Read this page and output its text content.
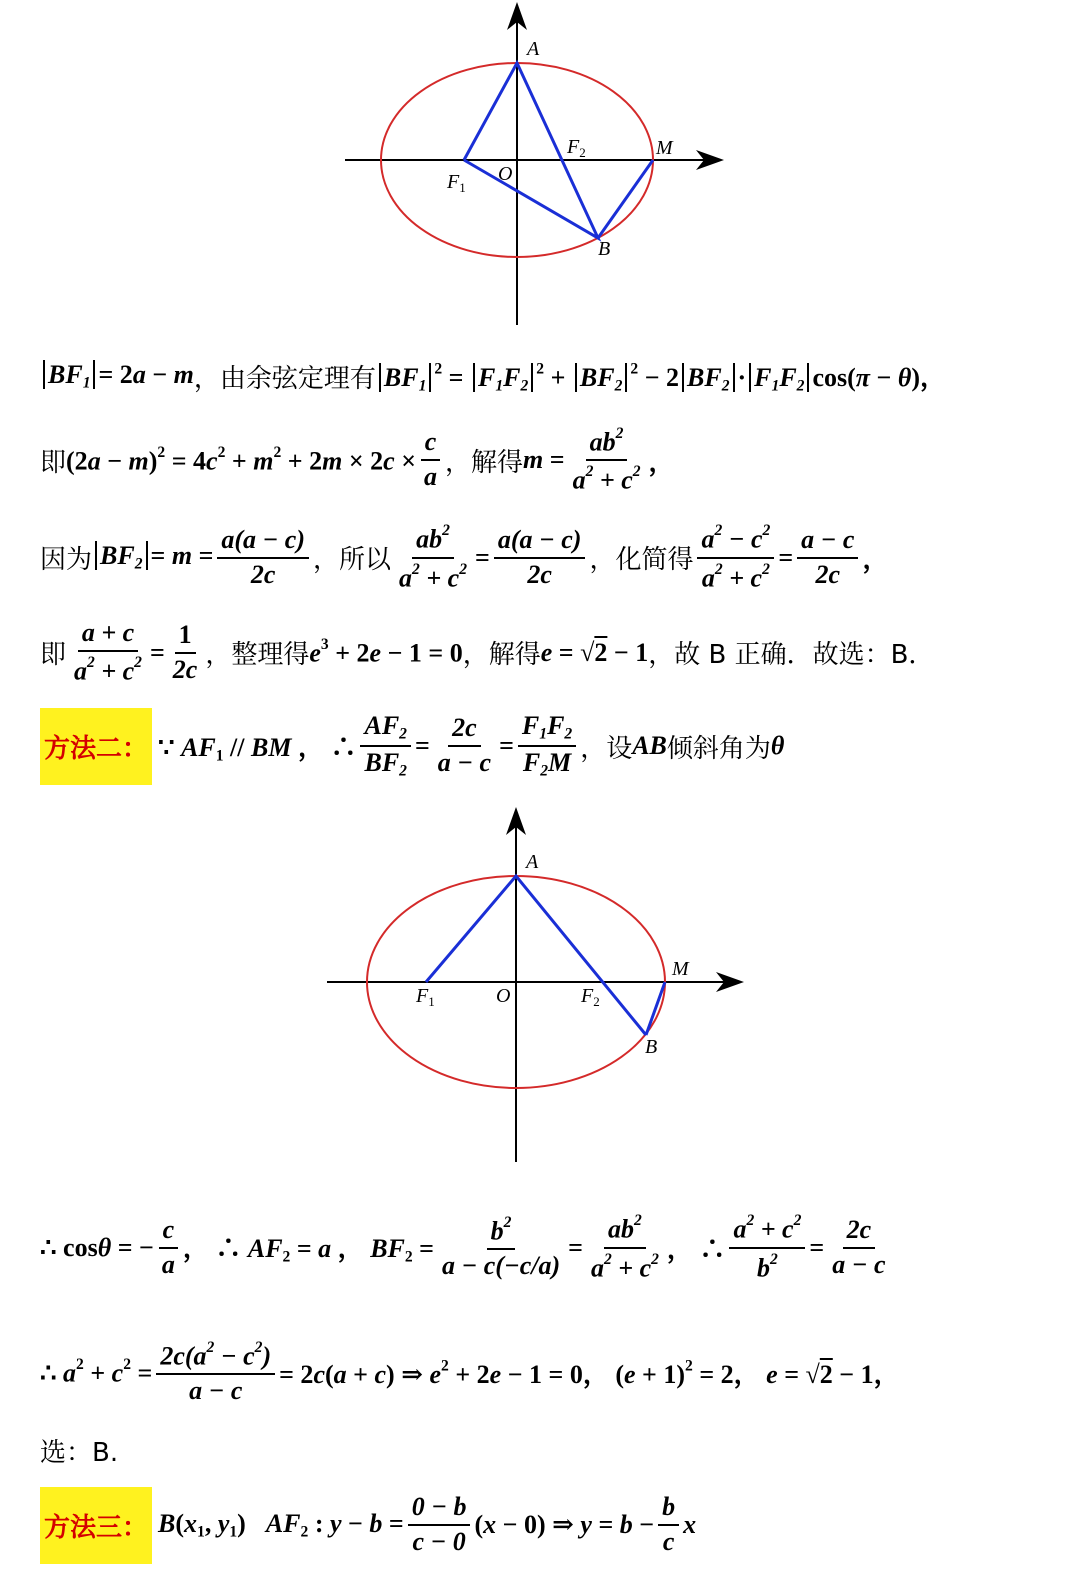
A
$F_2$	M
O
$F_1$
B
$BF_1 = 2a - m$ ，由余弦定理有 $BF_1^2 = F_1F_2^2 + BF_2^2 - 2$ $BF_2 \cdot F_1F_2$ cos(π − θ)，
即 $(2a - m)^2 = 4c^2 + m^2 + 2m \times 2c \times \frac{c}{a}$ ，解得 $m = \frac{ab^2}{a^2 + c^2}$ ，
因为 $BF_2 = m = \frac{a(a - c)}{2c}$ ，所以 $\frac{ab^2}{a^2 + c^2} = \frac{a(a - c)}{2c}$ ，化简得 $\frac{a^2 - c^2}{a^2 + c^2} = \frac{a - c}{2c}$ ，
即 $\frac{a + c}{a^2 + c^2} = \frac{1}{2c}$ ，整理得 $e^3 + 2e - 1 = 0$ ，解得 e = √2 − 1 ，故 B 正确．故选：B．
方法二： ∵ $AF_1$ // BM ， ∴ $\frac{AF_2}{BF_2} = \frac{2c}{a - c} = \frac{F_1F_2}{F_2M}$ ，设 AB 倾斜角为 θ
A
M
$F_1$	O	$F_2$
B
∴ cosθ = − $\frac{c}{a}$ ， ∴ $AF_2 = a$ ， $BF_2 = \frac{b^2}{a - c(-c/a)} = \frac{ab^2}{a^2 + c^2}$ ， ∴ $\frac{a^2 + c^2}{b^2} = \frac{2c}{a - c}$
∴ $a^2 + c^2 = \frac{2c(a^2 - c^2)}{a - c} = 2c(a + c)$ ⇒ $e^2 + 2e - 1 = 0$， $(e + 1)^2 = 2$， e = √2 − 1，
选：B.
方法三： $B(x_1$, $y_1$) $AF_2$ : $y - b = \frac{0 - b}{c - 0} (x - 0)$ ⇒ $y = b - \frac{b}{c}$ x
